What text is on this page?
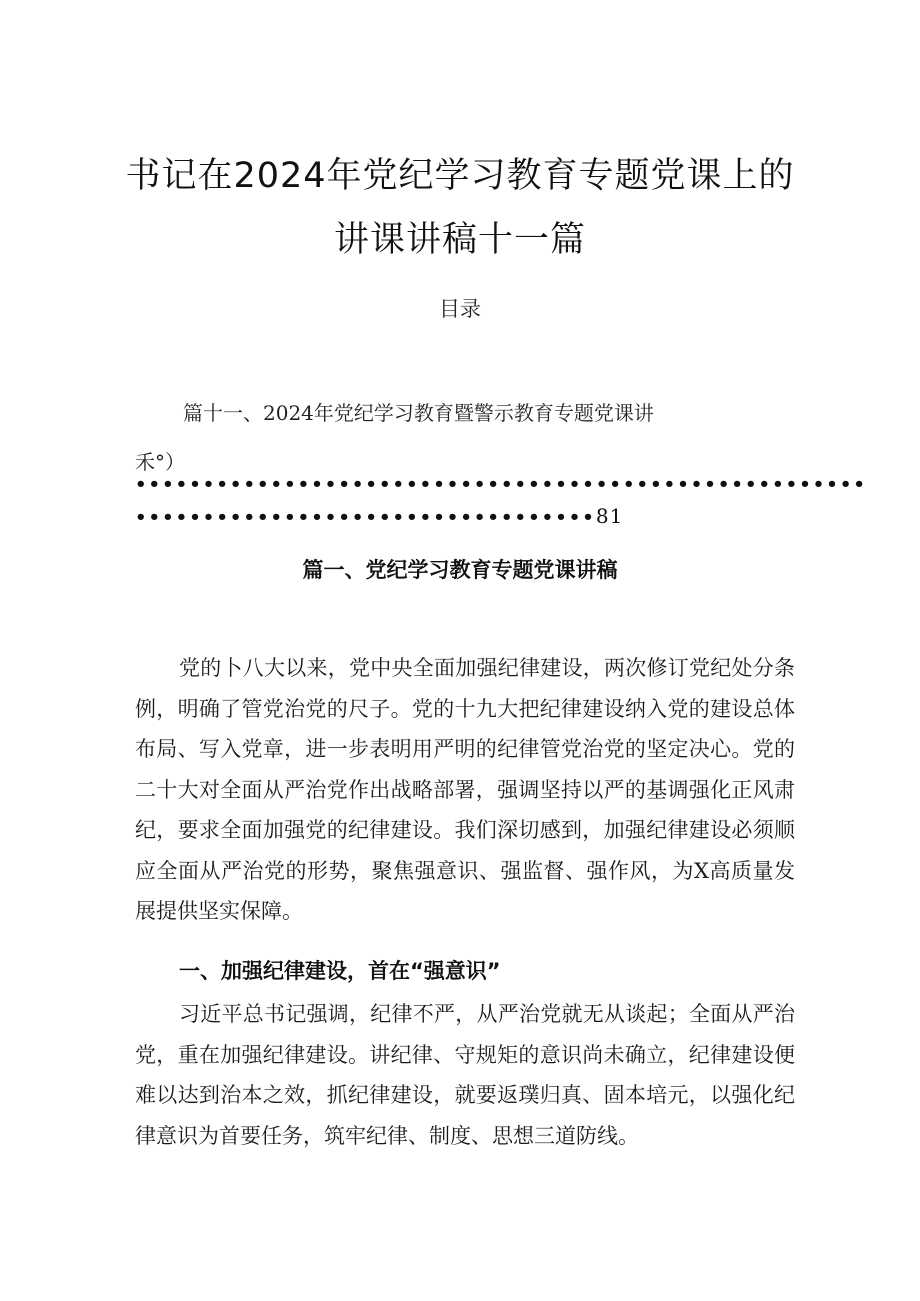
书记在2024年党纪学习教育专题党课上的
讲课讲稿十一篇
目录
篇十一、2024年党纪学习教育暨警示教育专题党课讲
禾°）
••••••••••••••••••••••••••••••••••••••••••••••••••••••
••••••••••••••••••••••••••••••••••81
篇一、党纪学习教育专题党课讲稿
党的卜八大以来，党中央全面加强纪律建设，两次修订党纪处分条例，明确了管党治党的尺子。党的十九大把纪律建设纳入党的建设总体布局、写入党章，进一步表明用严明的纪律管党治党的坚定决心。党的二十大对全面从严治党作出战略部署，强调坚持以严的基调强化正风肃纪，要求全面加强党的纪律建设。我们深切感到，加强纪律建设必须顺应全面从严治党的形势，聚焦强意识、强监督、强作风，为X高质量发展提供坚实保障。
一、加强纪律建设，首在“强意识”
习近平总书记强调，纪律不严，从严治党就无从谈起；全面从严治党，重在加强纪律建设。讲纪律、守规矩的意识尚未确立，纪律建设便难以达到治本之效，抓纪律建设，就要返璞归真、固本培元，以强化纪律意识为首要任务，筑牢纪律、制度、思想三道防线。
